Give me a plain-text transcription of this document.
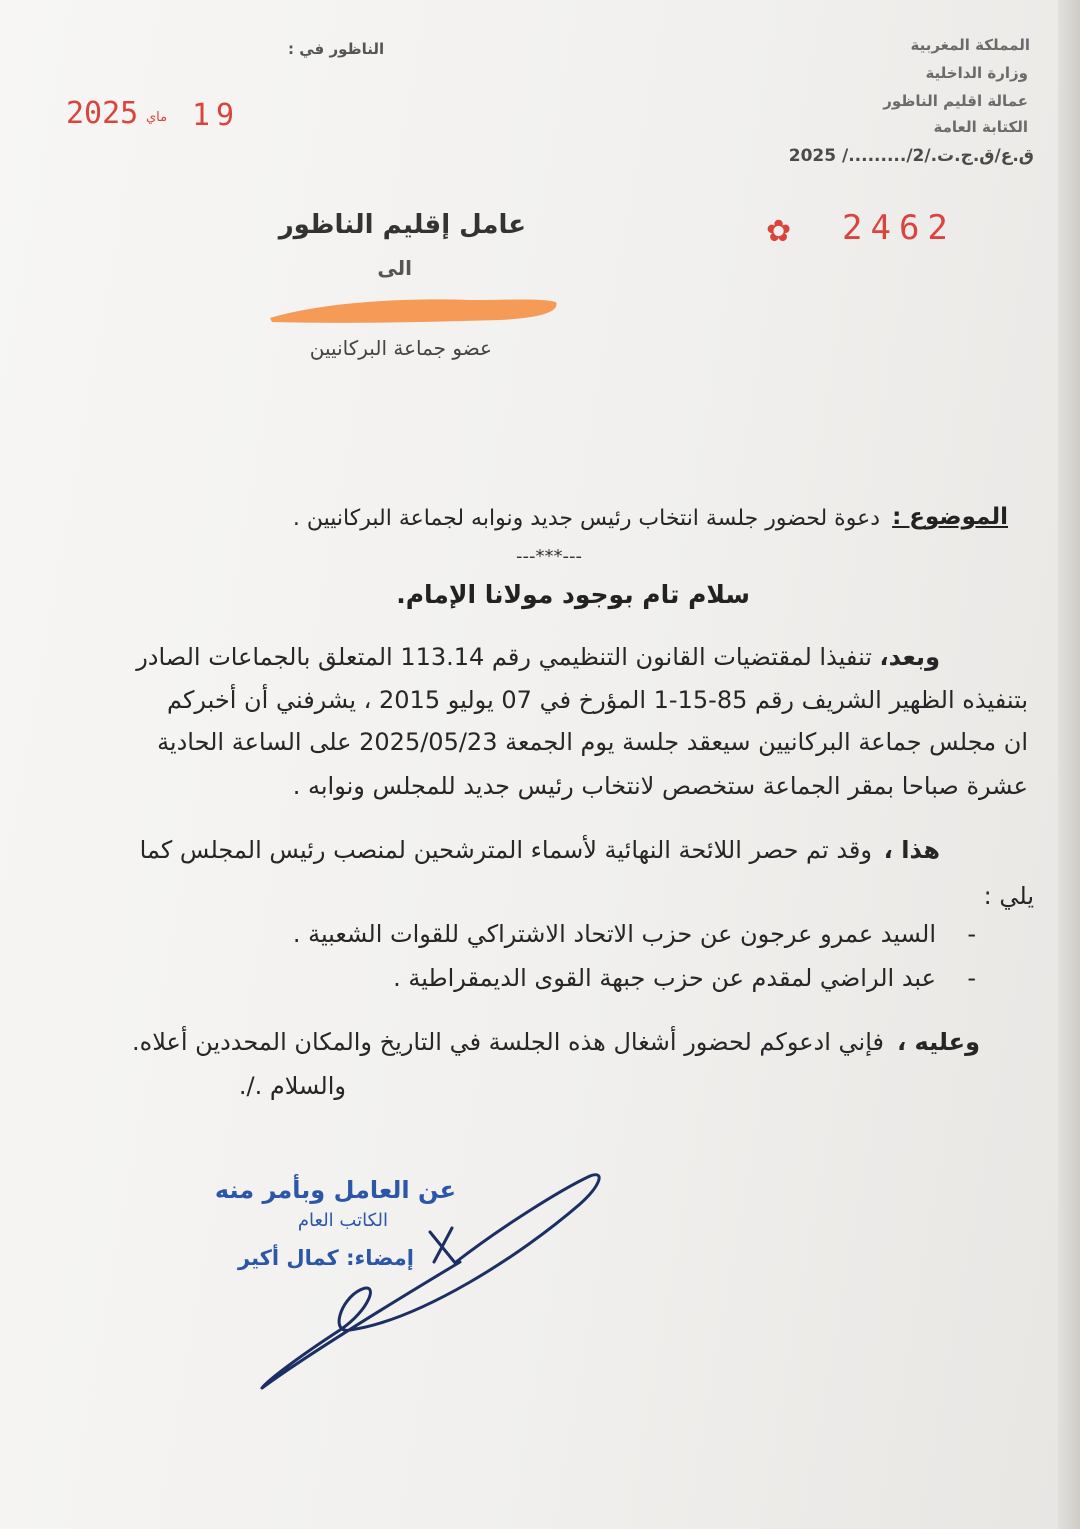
المملكة المغربية
وزارة الداخلية
عمالة اقليم الناظور
الكتابة العامة
ق.ع/ق.ج.ت./2/........./ 2025
الناظور في :
2025 ماي 19
✿ 2462
عامل إقليم الناظور
الى
عضو جماعة البركانيين
الموضوع :
دعوة لحضور جلسة انتخاب رئيس جديد ونوابه لجماعة البركانيين .
---***---
سلام تام بوجود مولانا الإمام.
وبعد،
تنفيذا لمقتضيات القانون التنظيمي رقم 113.14 المتعلق بالجماعات الصادر
بتنفيذه الظهير الشريف رقم 85-15-1 المؤرخ في 07 يوليو 2015 ، يشرفني أن أخبركم
ان مجلس جماعة البركانيين سيعقد جلسة يوم الجمعة 2025/05/23 على الساعة الحادية
عشرة صباحا بمقر الجماعة ستخصص لانتخاب رئيس جديد للمجلس ونوابه .
هذا ،
وقد تم حصر اللائحة النهائية لأسماء المترشحين لمنصب رئيس المجلس كما
يلي :
-
السيد عمرو عرجون عن حزب الاتحاد الاشتراكي للقوات الشعبية .
-
عبد الراضي لمقدم عن حزب جبهة القوى الديمقراطية .
وعليه ،
فإني ادعوكم لحضور أشغال هذه الجلسة في التاريخ والمكان المحددين أعلاه.
والسلام ./.
عن العامل وبأمر منه
الكاتب العام
إمضاء: كمال أكير
